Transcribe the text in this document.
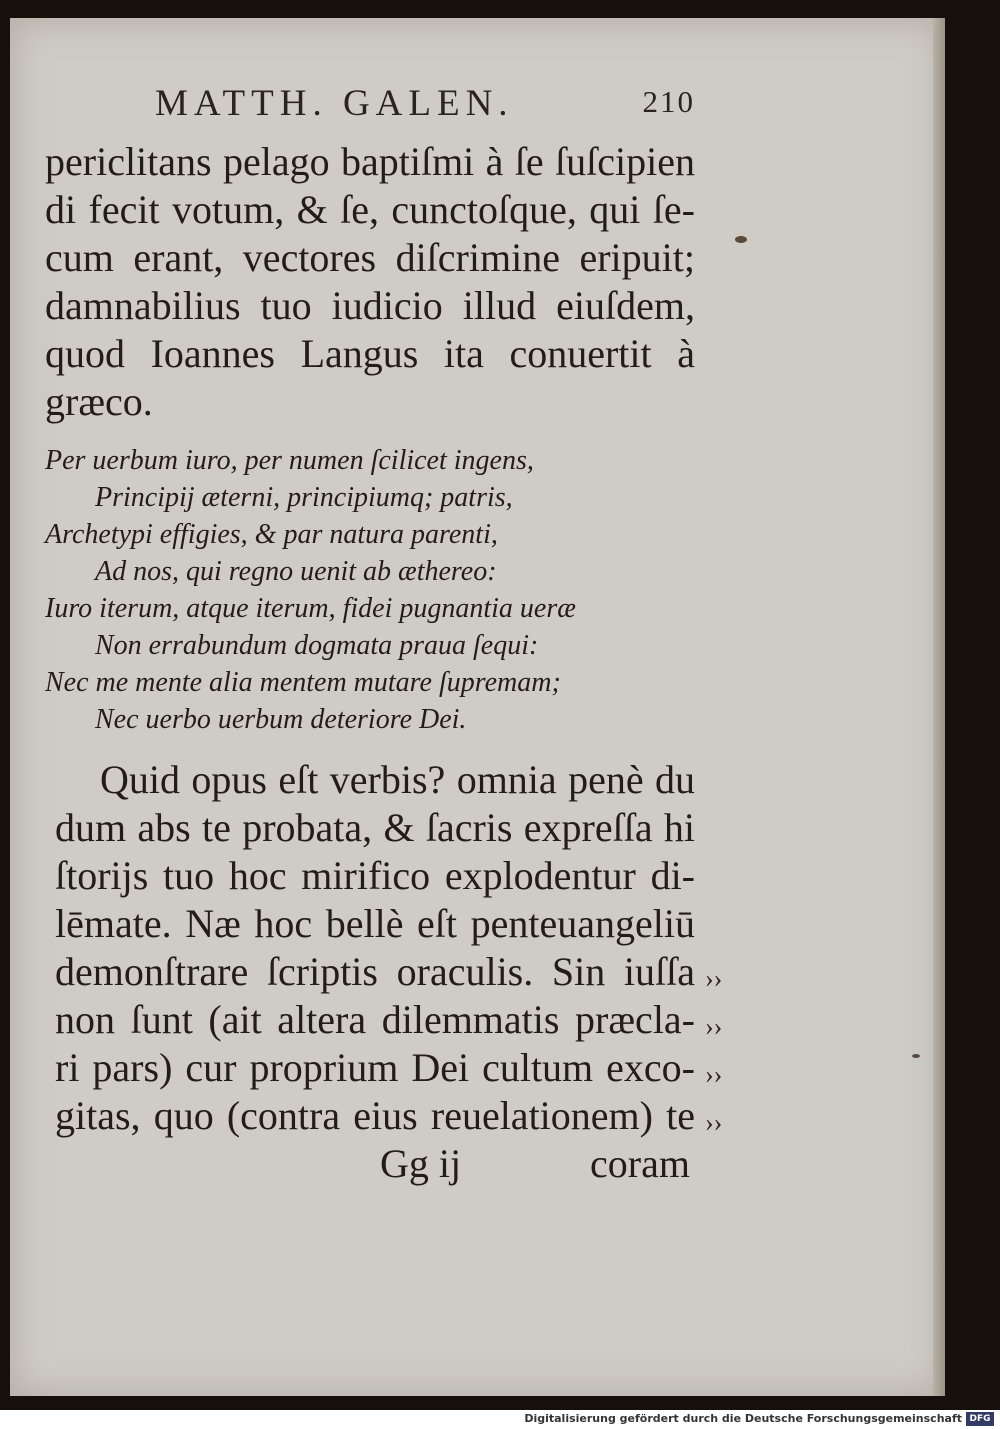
MATTH. GALEN.	210
periclitans pelago baptiſmi à ſe ſuſcipien
di fecit votum, & ſe, cunctoſque, qui ſe-
cum erant, vectores diſcrimine eripuit;
damnabilius tuo iudicio illud eiuſdem,
quod Ioannes Langus ita conuertit à
græco.
Per uerbum iuro, per numen ſcilicet ingens,
Principij æterni, principiumq; patris,
Archetypi effigies, & par natura parenti,
Ad nos, qui regno uenit ab æthereo:
Iuro iterum, atque iterum, fidei pugnantia ueræ
Non errabundum dogmata praua ſequi:
Nec me mente alia mentem mutare ſupremam;
Nec uerbo uerbum deteriore Dei.
Quid opus eſt verbis? omnia penè du
dum abs te probata, & ſacris expreſſa hi
ſtorijs tuo hoc mirifico explodentur di-
lēmate. Næ hoc bellè eſt penteuangeliū
demonſtrare ſcriptis oraculis. Sin iuſſa
non ſunt (ait altera dilemmatis præcla-
ri pars) cur proprium Dei cultum exco-
gitas, quo (contra eius reuelationem) te
››
››
››
››
Gg ij	coram
Digitalisierung gefördert durch die Deutsche Forschungsgemeinschaft DFG
